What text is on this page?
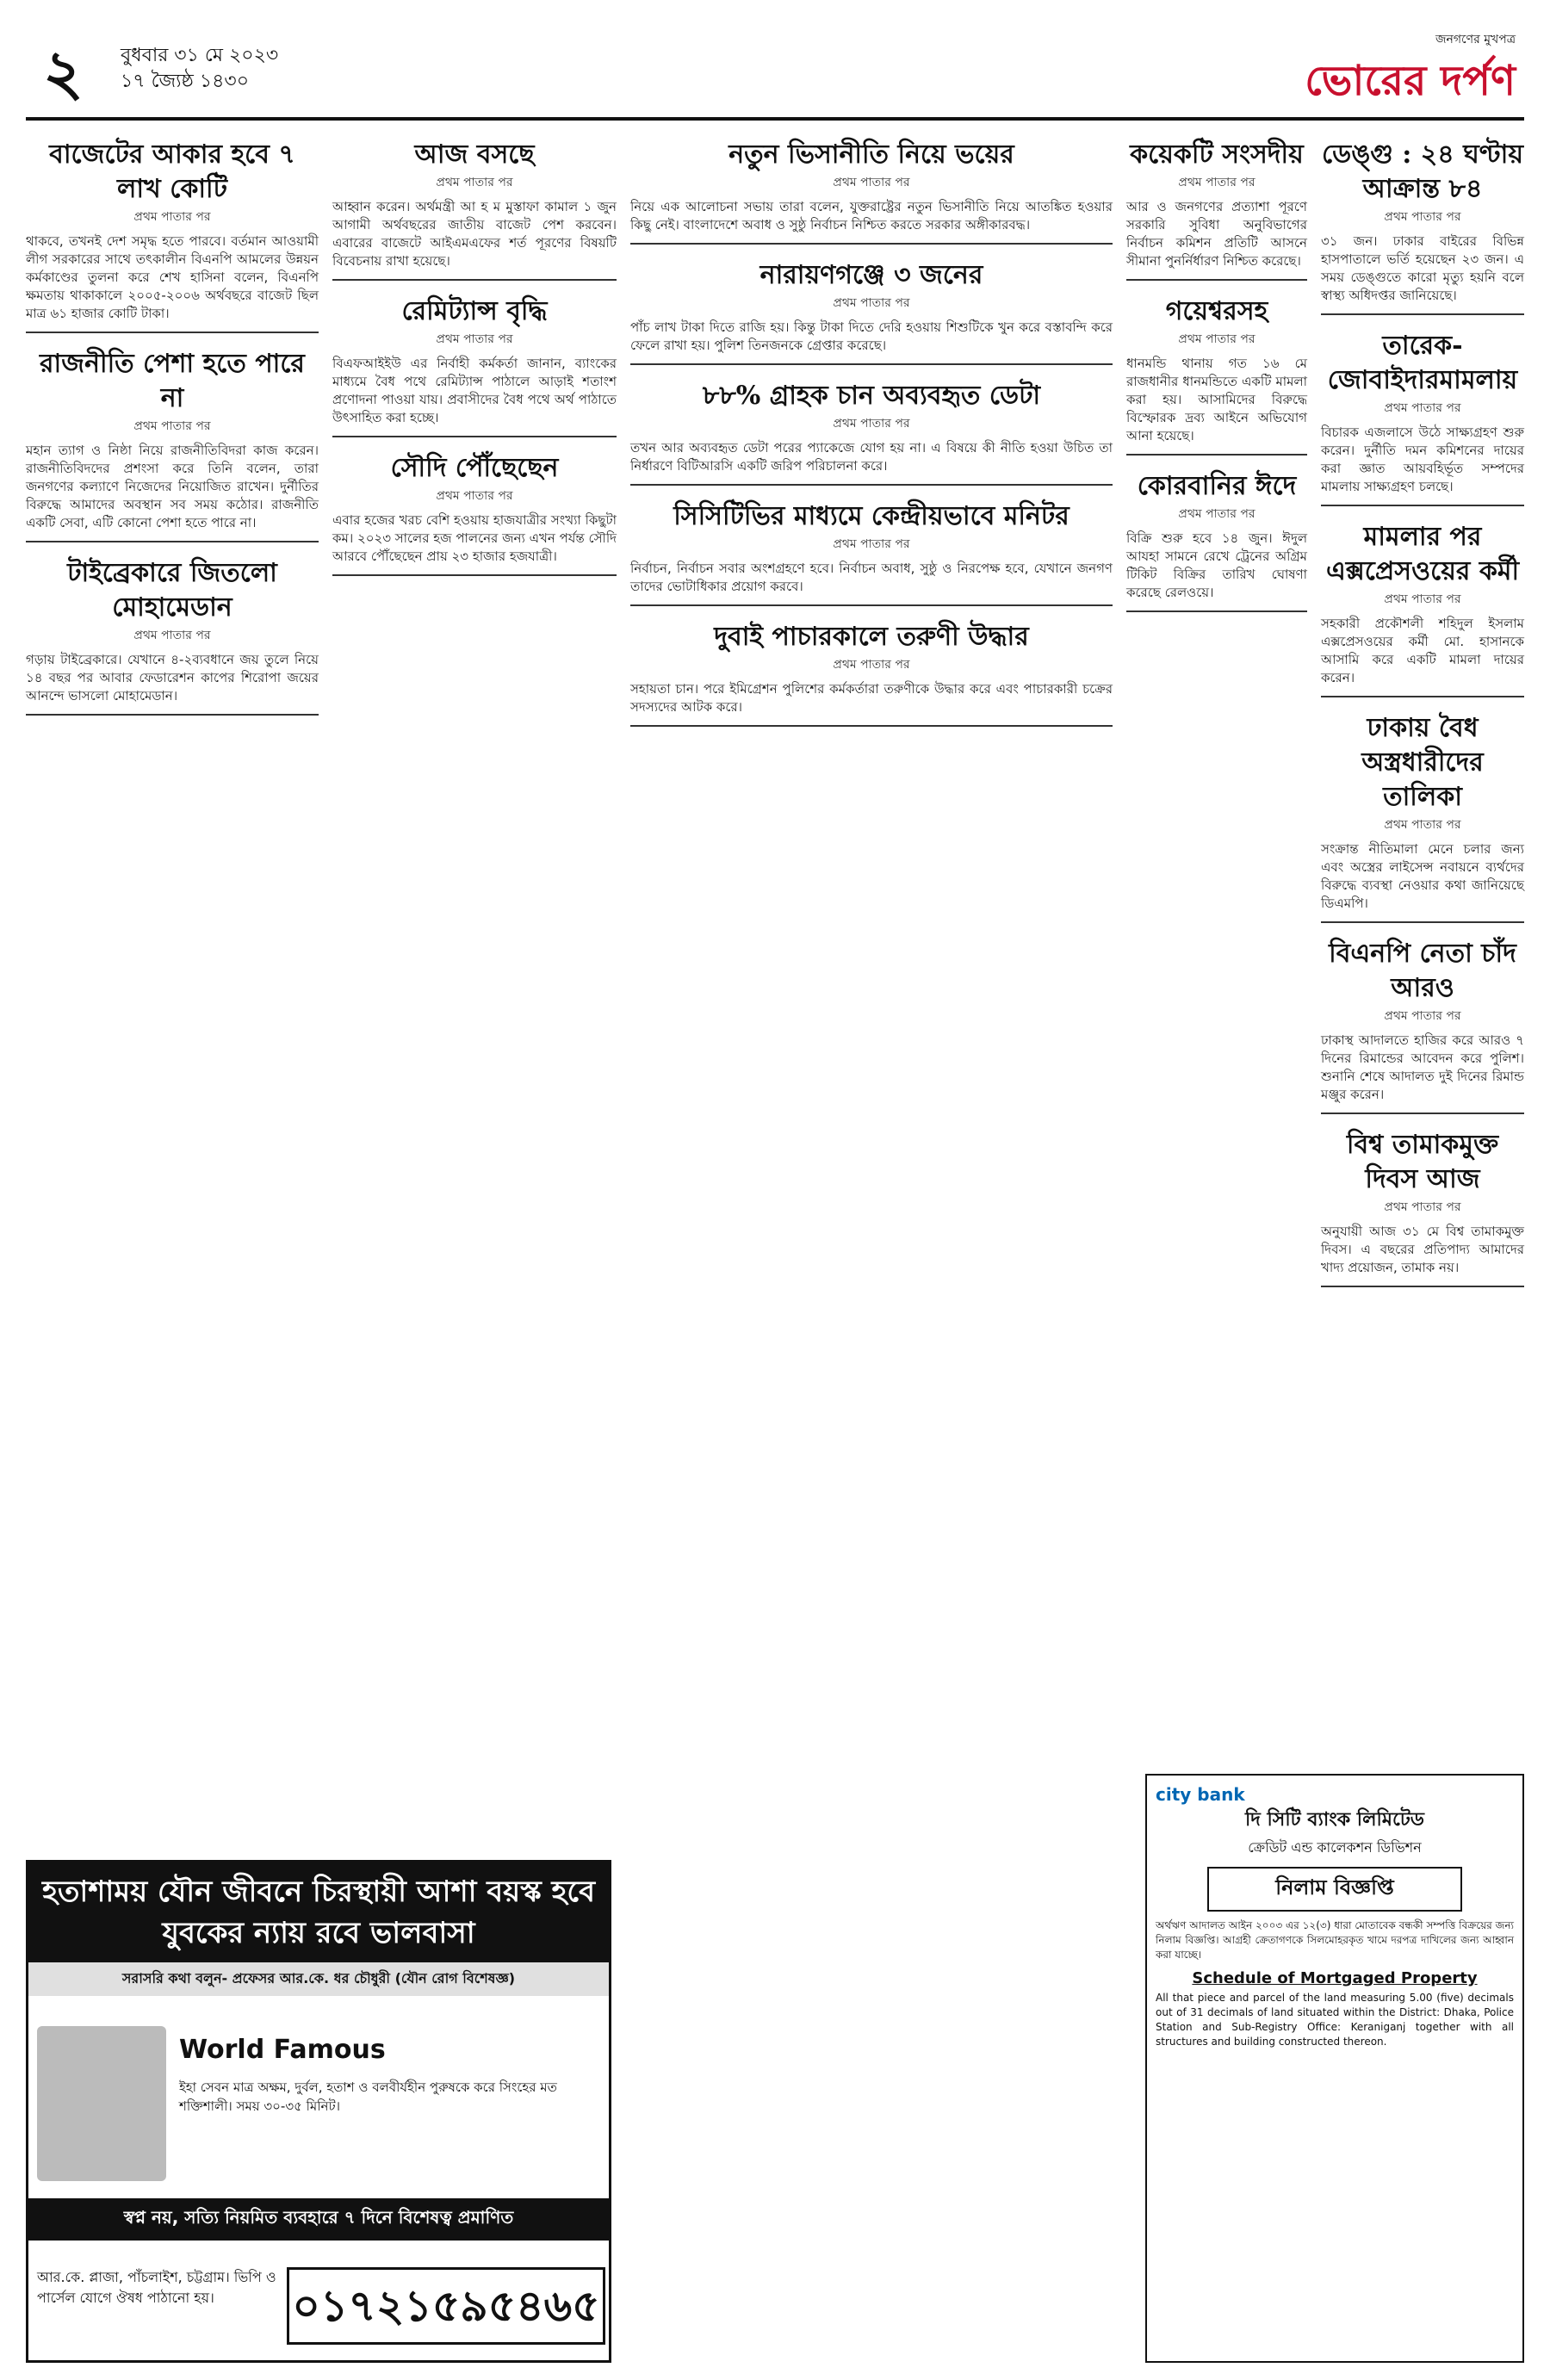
২ বুধবার ৩১ মে ২০২৩
১৭ জ্যৈষ্ঠ ১৪৩০
জনগণের মুখপত্র
ভোরের দর্পণ
বাজেটের আকার হবে ৭ লাখ কোটি
প্রথম পাতার পর
থাকবে, তখনই দেশ সমৃদ্ধ হতে পারবে। বর্তমান আওয়ামী লীগ সরকারের সাথে তৎকালীন বিএনপি আমলের উন্নয়ন কর্মকাণ্ডের তুলনা করে শেখ হাসিনা বলেন, বিএনপি ক্ষমতায় থাকাকালে ২০০৫-২০০৬ অর্থবছরে বাজেট ছিল মাত্র ৬১ হাজার কোটি টাকা।
রাজনীতি পেশা হতে পারে না
প্রথম পাতার পর
মহান ত্যাগ ও নিষ্ঠা নিয়ে রাজনীতিবিদরা কাজ করেন। রাজনীতিবিদদের প্রশংসা করে তিনি বলেন, তারা জনগণের কল্যাণে নিজেদের নিয়োজিত রাখেন। দুর্নীতির বিরুদ্ধে আমাদের অবস্থান সব সময় কঠোর। রাজনীতি একটি সেবা, এটি কোনো পেশা হতে পারে না।
টাইব্রেকারে জিতলো মোহামেডান
প্রথম পাতার পর
গড়ায় টাইব্রেকারে। যেখানে ৪-২ব্যবধানে জয় তুলে নিয়ে ১৪ বছর পর আবার ফেডারেশন কাপের শিরোপা জয়ের আনন্দে ভাসলো মোহামেডান।
আজ বসছে
প্রথম পাতার পর
আহ্বান করেন। অর্থমন্ত্রী আ হ ম মুস্তাফা কামাল ১ জুন আগামী অর্থবছরের জাতীয় বাজেট পেশ করবেন। এবারের বাজেটে আইএমএফের শর্ত পূরণের বিষয়টি বিবেচনায় রাখা হয়েছে।
রেমিট্যান্স বৃদ্ধি
প্রথম পাতার পর
বিএফআইইউ এর নির্বাহী কর্মকর্তা জানান, ব্যাংকের মাধ্যমে বৈধ পথে রেমিট্যান্স পাঠালে আড়াই শতাংশ প্রণোদনা পাওয়া যায়। প্রবাসীদের বৈধ পথে অর্থ পাঠাতে উৎসাহিত করা হচ্ছে।
সৌদি পৌঁছেছেন
প্রথম পাতার পর
এবার হজের খরচ বেশি হওয়ায় হাজযাত্রীর সংখ্যা কিছুটা কম। ২০২৩ সালের হজ পালনের জন্য এখন পর্যন্ত সৌদি আরবে পৌঁছেছেন প্রায় ২৩ হাজার হজযাত্রী।
নতুন ভিসানীতি নিয়ে ভয়ের
প্রথম পাতার পর
নিয়ে এক আলোচনা সভায় তারা বলেন, যুক্তরাষ্ট্রের নতুন ভিসানীতি নিয়ে আতঙ্কিত হওয়ার কিছু নেই। বাংলাদেশে অবাধ ও সুষ্ঠু নির্বাচন নিশ্চিত করতে সরকার অঙ্গীকারবদ্ধ।
নারায়ণগঞ্জে ৩ জনের
প্রথম পাতার পর
পাঁচ লাখ টাকা দিতে রাজি হয়। কিন্তু টাকা দিতে দেরি হওয়ায় শিশুটিকে খুন করে বস্তাবন্দি করে ফেলে রাখা হয়। পুলিশ তিনজনকে গ্রেপ্তার করেছে।
৮৮% গ্রাহক চান অব্যবহৃত ডেটা
প্রথম পাতার পর
তখন আর অব্যবহৃত ডেটা পরের প্যাকেজে যোগ হয় না। এ বিষয়ে কী নীতি হওয়া উচিত তা নির্ধারণে বিটিআরসি একটি জরিপ পরিচালনা করে।
সিসিটিভির মাধ্যমে কেন্দ্রীয়ভাবে মনিটর
প্রথম পাতার পর
নির্বাচন, নির্বাচন সবার অংশগ্রহণে হবে। নির্বাচন অবাধ, সুষ্ঠু ও নিরপেক্ষ হবে, যেখানে জনগণ তাদের ভোটাধিকার প্রয়োগ করবে।
দুবাই পাচারকালে তরুণী উদ্ধার
প্রথম পাতার পর
সহায়তা চান। পরে ইমিগ্রেশন পুলিশের কর্মকর্তারা তরুণীকে উদ্ধার করে এবং পাচারকারী চক্রের সদস্যদের আটক করে।
কয়েকটি সংসদীয়
প্রথম পাতার পর
আর ও জনগণের প্রত্যাশা পূরণে সরকারি সুবিধা অনুবিভাগের নির্বাচন কমিশন প্রতিটি আসনে সীমানা পুনর্নির্ধারণ নিশ্চিত করেছে।
গয়েশ্বরসহ
প্রথম পাতার পর
ধানমন্ডি থানায় গত ১৬ মে রাজধানীর ধানমন্ডিতে একটি মামলা করা হয়। আসামিদের বিরুদ্ধে বিস্ফোরক দ্রব্য আইনে অভিযোগ আনা হয়েছে।
কোরবানির ঈদে
প্রথম পাতার পর
বিক্রি শুরু হবে ১৪ জুন। ঈদুল আযহা সামনে রেখে ট্রেনের অগ্রিম টিকিট বিক্রির তারিখ ঘোষণা করেছে রেলওয়ে।
ডেঙ্গু : ২৪ ঘণ্টায় আক্রান্ত ৮৪
প্রথম পাতার পর
৩১ জন। ঢাকার বাইরের বিভিন্ন হাসপাতালে ভর্তি হয়েছেন ২৩ জন। এ সময় ডেঙ্গুতে কারো মৃত্যু হয়নি বলে স্বাস্থ্য অধিদপ্তর জানিয়েছে।
তারেক-জোবাইদারমামলায়
প্রথম পাতার পর
বিচারক এজলাসে উঠে সাক্ষ্যগ্রহণ শুরু করেন। দুর্নীতি দমন কমিশনের দায়ের করা জ্ঞাত আয়বহির্ভূত সম্পদের মামলায় সাক্ষ্যগ্রহণ চলছে।
মামলার পর এক্সপ্রেসওয়ের কর্মী
প্রথম পাতার পর
সহকারী প্রকৌশলী শহিদুল ইসলাম এক্সপ্রেসওয়ের কর্মী মো. হাসানকে আসামি করে একটি মামলা দায়ের করেন।
ঢাকায় বৈধ অস্ত্রধারীদের তালিকা
প্রথম পাতার পর
সংক্রান্ত নীতিমালা মেনে চলার জন্য এবং অস্ত্রের লাইসেন্স নবায়নে ব্যর্থদের বিরুদ্ধে ব্যবস্থা নেওয়ার কথা জানিয়েছে ডিএমপি।
বিএনপি নেতা চাঁদ আরও
প্রথম পাতার পর
ঢাকাস্থ আদালতে হাজির করে আরও ৭ দিনের রিমান্ডের আবেদন করে পুলিশ। শুনানি শেষে আদালত দুই দিনের রিমান্ড মঞ্জুর করেন।
বিশ্ব তামাকমুক্ত দিবস আজ
প্রথম পাতার পর
অনুযায়ী আজ ৩১ মে বিশ্ব তামাকমুক্ত দিবস। এ বছরের প্রতিপাদ্য আমাদের খাদ্য প্রয়োজন, তামাক নয়।
হতাশাময় যৌন জীবনে চিরস্থায়ী আশা বয়স্ক হবে যুবকের ন্যায় রবে ভালবাসা
সরাসরি কথা বলুন- প্রফেসর আর.কে. ধর চৌধুরী (যৌন রোগ বিশেষজ্ঞ)
World Famous
ইহা সেবন মাত্র অক্ষম, দুর্বল, হতাশ ও বলবীর্যহীন পুরুষকে করে সিংহের মত শক্তিশালী। সময় ৩০-৩৫ মিনিট।
স্বপ্ন নয়, সত্যি নিয়মিত ব্যবহারে ৭ দিনে বিশেষত্ব প্রমাণিত
আর.কে. প্লাজা, পাঁচলাইশ, চট্টগ্রাম। ভিপি ও পার্সেল যোগে ঔষধ পাঠানো হয়।	০১৭২১৫৯৫৪৬৫
city bank
দি সিটি ব্যাংক লিমিটেড
ক্রেডিট এন্ড কালেকশন ডিভিশন
নিলাম বিজ্ঞপ্তি
অর্থঋণ আদালত আইন ২০০৩ এর ১২(৩) ধারা মোতাবেক বন্ধকী সম্পত্তি বিক্রয়ের জন্য নিলাম বিজ্ঞপ্তি। আগ্রহী ক্রেতাগণকে সিলমোহরকৃত খামে দরপত্র দাখিলের জন্য আহ্বান করা যাচ্ছে।
Schedule of Mortgaged Property
All that piece and parcel of the land measuring 5.00 (five) decimals out of 31 decimals of land situated within the District: Dhaka, Police Station and Sub-Registry Office: Keraniganj together with all structures and building constructed thereon.
